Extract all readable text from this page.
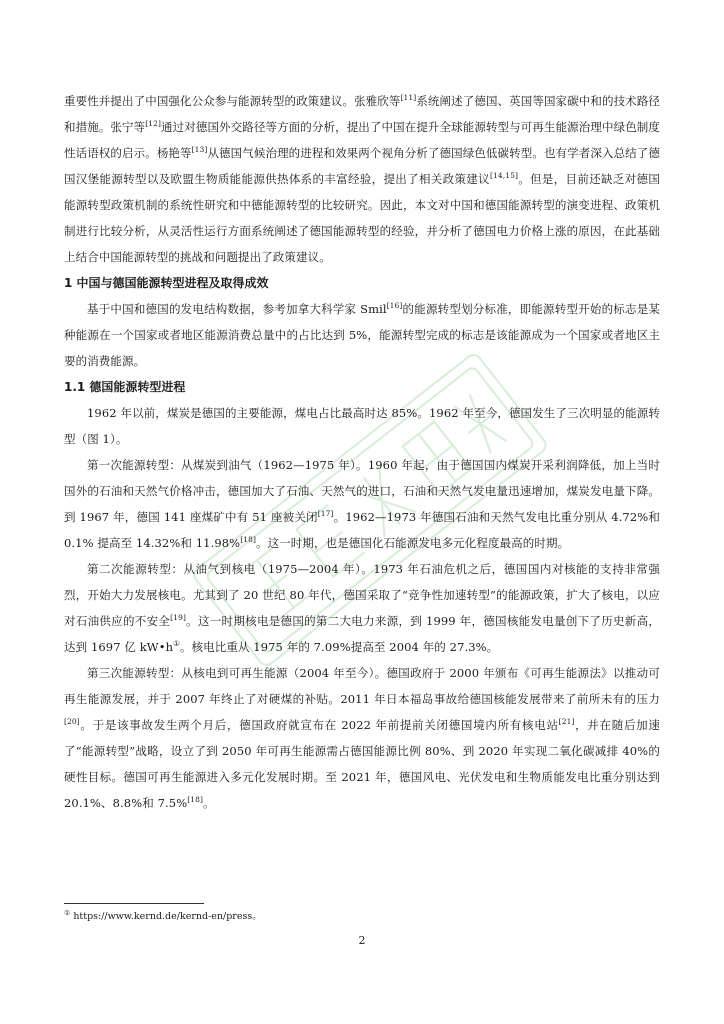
重要性并提出了中国强化公众参与能源转型的政策建议。张雅欣等[11]系统阐述了德国、英国等国家碳中和的技术路径和措施。张宁等[12]通过对德国外交路径等方面的分析，提出了中国在提升全球能源转型与可再生能源治理中绿色制度性话语权的启示。杨艳等[13]从德国气候治理的进程和效果两个视角分析了德国绿色低碳转型。也有学者深入总结了德国汉堡能源转型以及欧盟生物质能能源供热体系的丰富经验，提出了相关政策建议[14,15]。但是，目前还缺乏对德国能源转型政策机制的系统性研究和中德能源转型的比较研究。因此，本文对中国和德国能源转型的演变进程、政策机制进行比较分析，从灵活性运行方面系统阐述了德国能源转型的经验，并分析了德国电力价格上涨的原因，在此基础上结合中国能源转型的挑战和问题提出了政策建议。

1 中国与德国能源转型进程及取得成效

基于中国和德国的发电结构数据，参考加拿大科学家 Smil[16]的能源转型划分标准，即能源转型开始的标志是某种能源在一个国家或者地区能源消费总量中的占比达到 5%，能源转型完成的标志是该能源成为一个国家或者地区主要的消费能源。

1.1 德国能源转型进程

1962 年以前，煤炭是德国的主要能源，煤电占比最高时达 85%。1962 年至今，德国发生了三次明显的能源转型（图 1）。

第一次能源转型：从煤炭到油气（1962—1975 年）。1960 年起，由于德国国内煤炭开采利润降低，加上当时国外的石油和天然气价格冲击，德国加大了石油、天然气的进口，石油和天然气发电量迅速增加，煤炭发电量下降。到 1967 年，德国 141 座煤矿中有 51 座被关闭[17]。1962—1973 年德国石油和天然气发电比重分别从 4.72%和 0.1% 提高至 14.32%和 11.98%[18]。这一时期，也是德国化石能源发电多元化程度最高的时期。

第二次能源转型：从油气到核电（1975—2004 年）。1973 年石油危机之后，德国国内对核能的支持非常强烈，开始大力发展核电。尤其到了 20 世纪 80 年代，德国采取了“竞争性加速转型”的能源政策，扩大了核电，以应对石油供应的不安全[19]。这一时期核电是德国的第二大电力来源，到 1999 年，德国核能发电量创下了历史新高，达到 1697 亿 kW•h①。核电比重从 1975 年的 7.09%提高至 2004 年的 27.3%。

第三次能源转型：从核电到可再生能源（2004 年至今）。德国政府于 2000 年颁布《可再生能源法》以推动可再生能源发展，并于 2007 年终止了对硬煤的补贴。2011 年日本福岛事故给德国核能发展带来了前所未有的压力[20]。于是该事故发生两个月后，德国政府就宣布在 2022 年前提前关闭德国境内所有核电站[21]，并在随后加速了“能源转型”战略，设立了到 2050 年可再生能源需占德国能源比例 80%、到 2020 年实现二氧化碳减排 40%的硬性目标。德国可再生能源进入多元化发展时期。至 2021 年，德国风电、光伏发电和生物质能发电比重分别达到 20.1%、8.8%和 7.5%[18]。

① https://www.kernd.de/kernd-en/press。
2
